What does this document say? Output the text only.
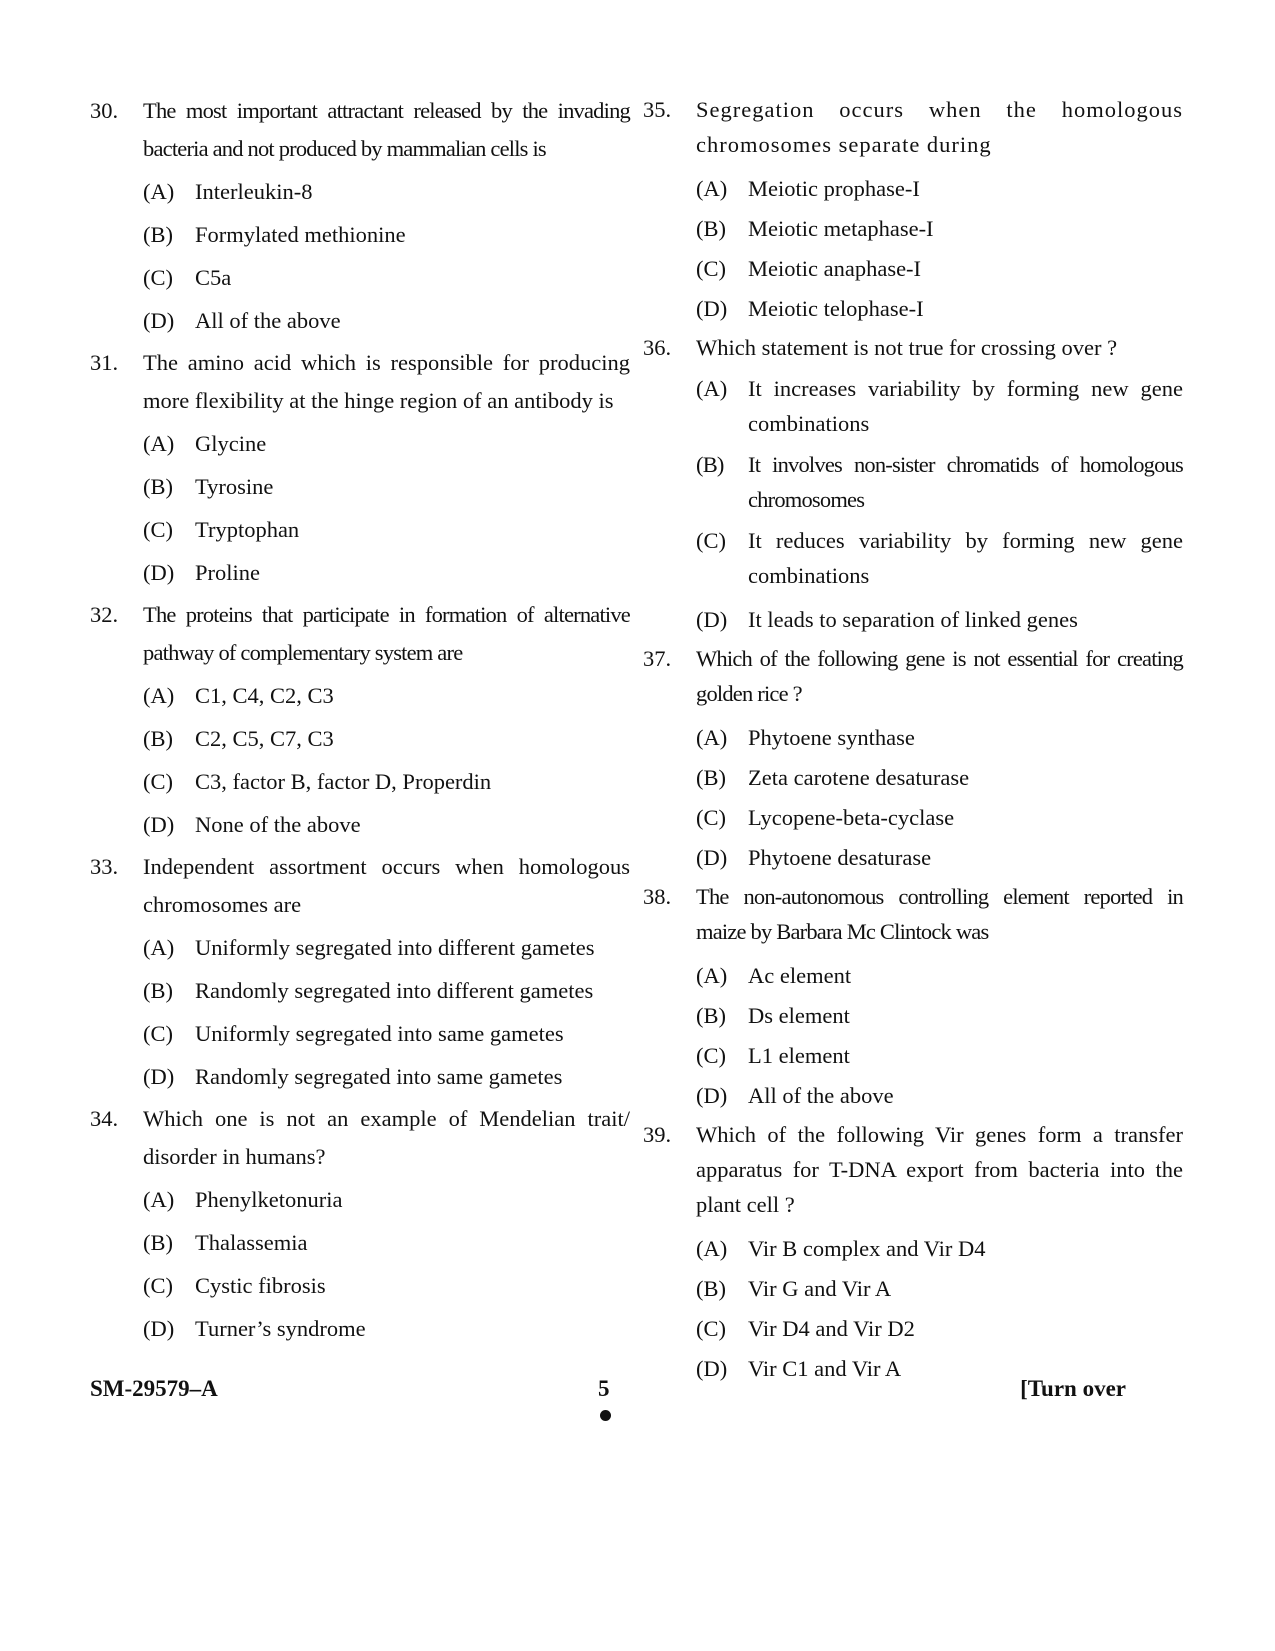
30. The most important attractant released by the invading bacteria and not produced by mammalian cells is

(A) Interleukin-8
(B) Formylated methionine
(C) C5a
(D) All of the above
31. The amino acid which is responsible for producing more flexibility at the hinge region of an antibody is

(A) Glycine
(B) Tyrosine
(C) Tryptophan
(D) Proline
32. The proteins that participate in formation of alternative pathway of complementary system are

(A) C1, C4, C2, C3
(B) C2, C5, C7, C3
(C) C3, factor B, factor D, Properdin
(D) None of the above
33. Independent assortment occurs when homologous chromosomes are

(A) Uniformly segregated into different gametes
(B) Randomly segregated into different gametes
(C) Uniformly segregated into same gametes
(D) Randomly segregated into same gametes
34. Which one is not an example of Mendelian trait/ disorder in humans?

(A) Phenylketonuria
(B) Thalassemia
(C) Cystic fibrosis
(D) Turner’s syndrome
35. Segregation occurs when the homologous chromosomes separate during

(A) Meiotic prophase-I
(B) Meiotic metaphase-I
(C) Meiotic anaphase-I
(D) Meiotic telophase-I
36. Which statement is not true for crossing over ?

(A) It increases variability by forming new gene combinations
(B) It involves non-sister chromatids of homologous chromosomes
(C) It reduces variability by forming new gene combinations
(D) It leads to separation of linked genes
37. Which of the following gene is not essential for creating golden rice ?

(A) Phytoene synthase
(B) Zeta carotene desaturase
(C) Lycopene-beta-cyclase
(D) Phytoene desaturase
38. The non-autonomous controlling element reported in maize by Barbara Mc Clintock was

(A) Ac element
(B) Ds element
(C) L1 element
(D) All of the above
39. Which of the following Vir genes form a transfer apparatus for T-DNA export from bacteria into the plant cell ?

(A) Vir B complex and Vir D4
(B) Vir G and Vir A
(C) Vir D4 and Vir D2
(D) Vir C1 and Vir A
SM-29579–A	5	[Turn over
